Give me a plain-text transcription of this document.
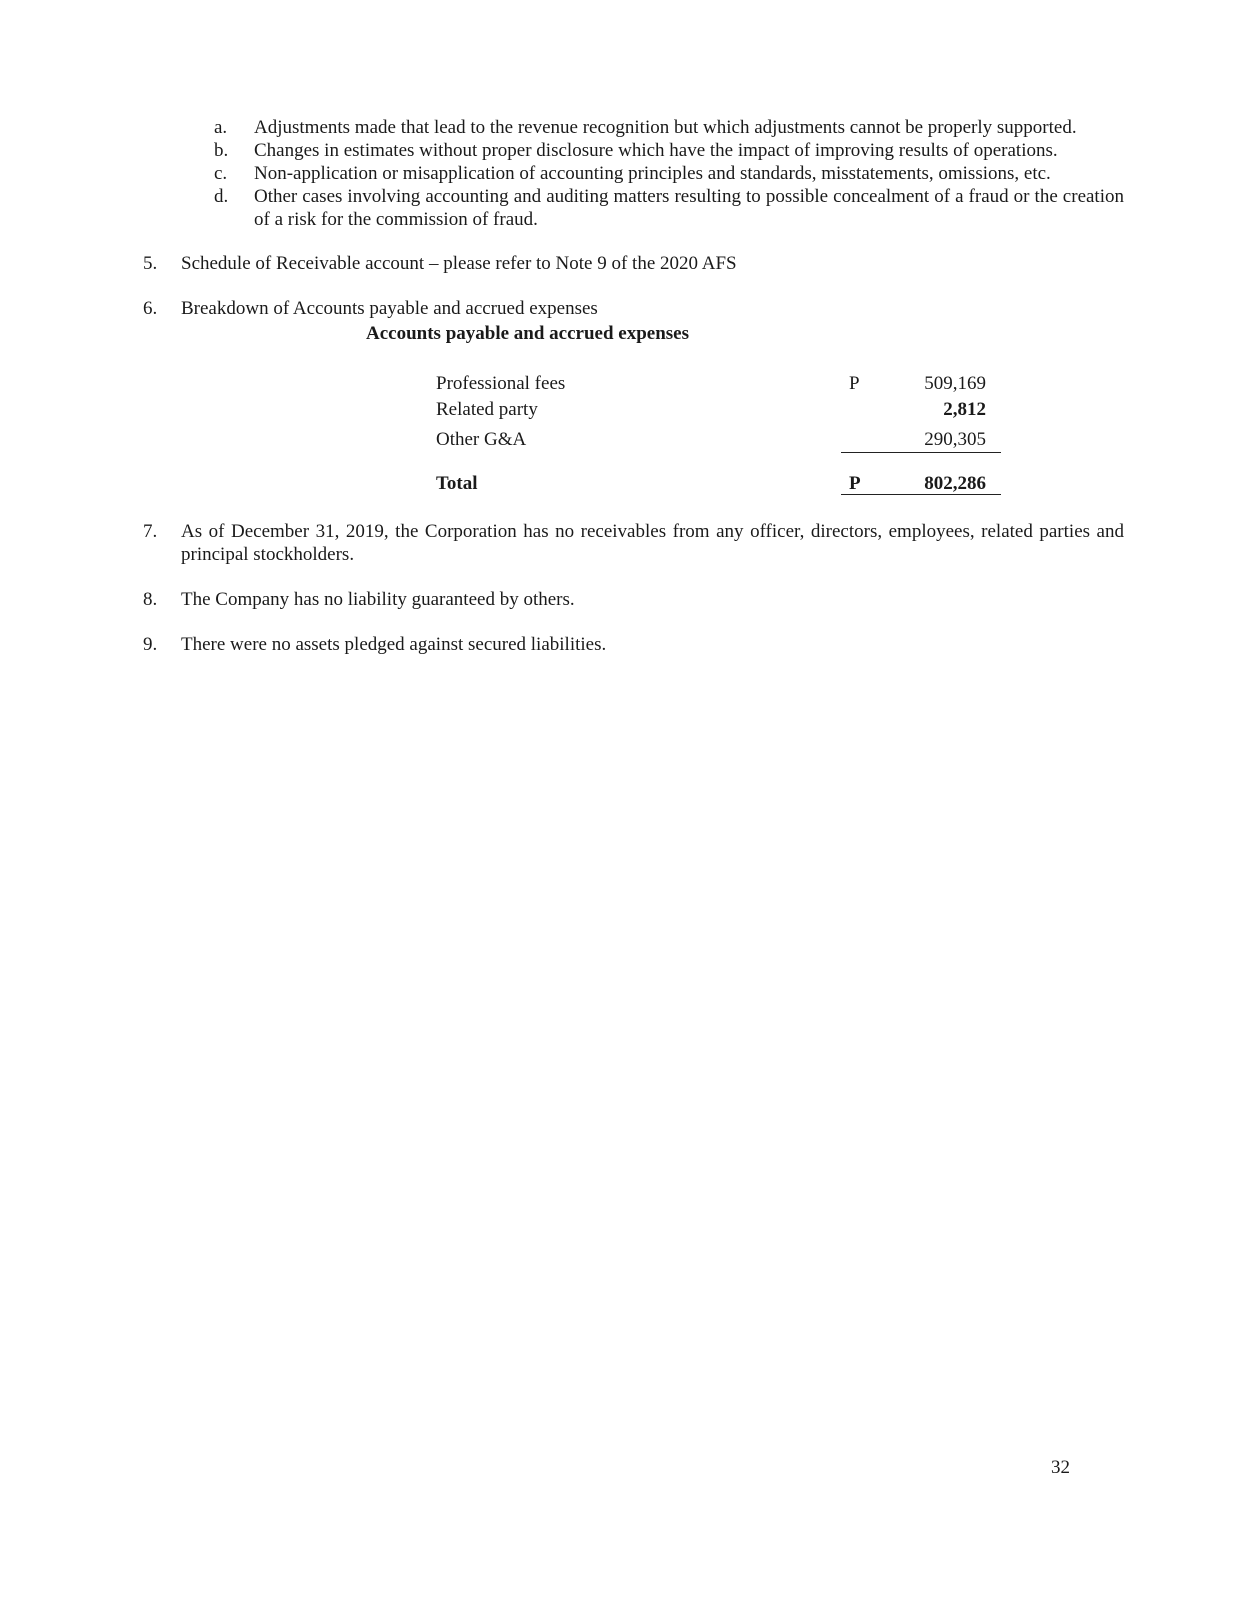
a. Adjustments made that lead to the revenue recognition but which adjustments cannot be properly supported.
b. Changes in estimates without proper disclosure which have the impact of improving results of operations.
c. Non-application or misapplication of accounting principles and standards, misstatements, omissions, etc.
d. Other cases involving accounting and auditing matters resulting to possible concealment of a fraud or the creation of a risk for the commission of fraud.
5. Schedule of Receivable account – please refer to Note 9 of the 2020 AFS
6. Breakdown of Accounts payable and accrued expenses
Accounts payable and accrued expenses
Professional fees	P	509,169
Related party	2,812
Other G&A	290,305
Total	P	802,286
7. As of December 31, 2019, the Corporation has no receivables from any officer, directors, employees, related parties and principal stockholders.
8. The Company has no liability guaranteed by others.
9. There were no assets pledged against secured liabilities.
32
